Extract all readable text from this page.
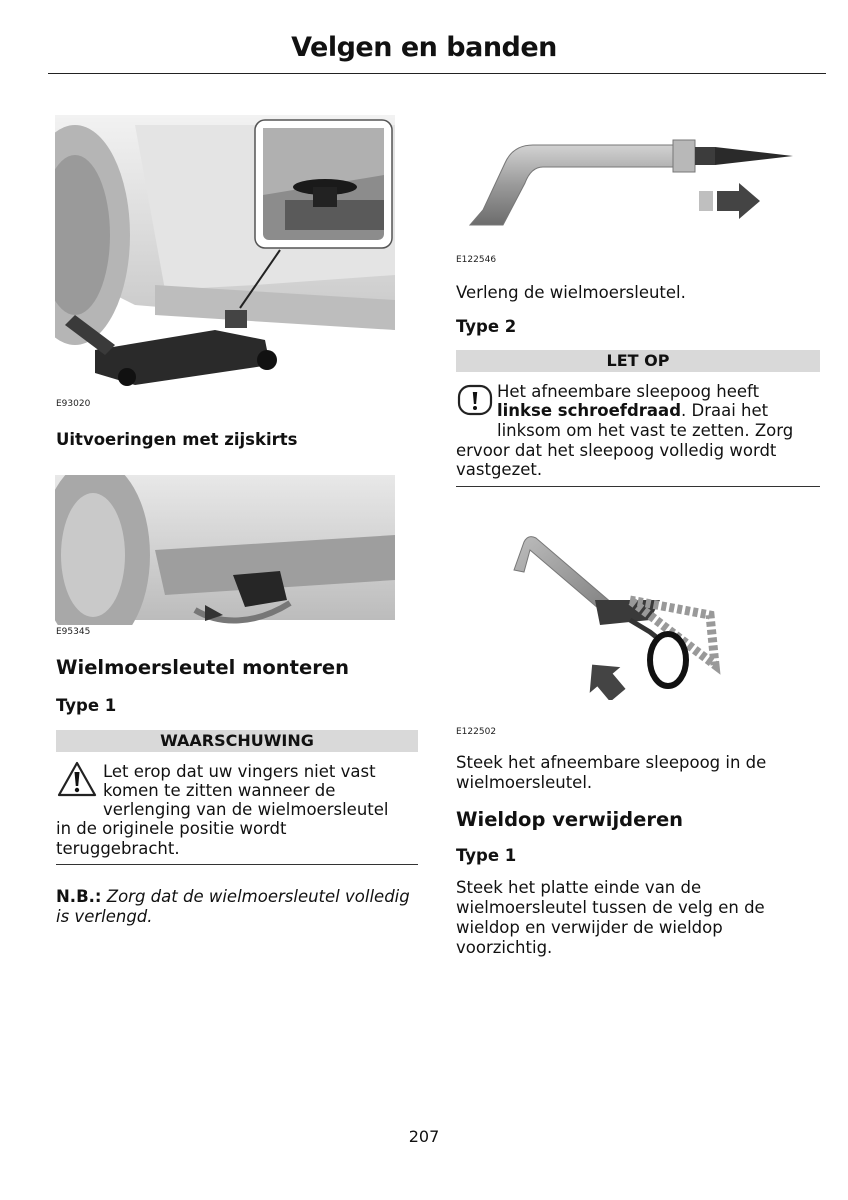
Velgen en banden
E93020
Uitvoeringen met zijskirts
E95345
Wielmoersleutel monteren
Type 1
WAARSCHUWING
Let erop dat uw vingers niet vast
komen te zitten wanneer de
verlenging van de wielmoersleutel
in de originele positie wordt
teruggebracht.
N.B.: Zorg dat de wielmoersleutel volledig
is verlengd.
E122546
Verleng de wielmoersleutel.
Type 2
LET OP
Het afneembare sleepoog heeft
linkse schroefdraad. Draai het
linksom om het vast te zetten. Zorg
ervoor dat het sleepoog volledig wordt
vastgezet.
E122502
Steek het afneembare sleepoog in de
wielmoersleutel.
Wieldop verwijderen
Type 1
Steek het platte einde van de
wielmoersleutel tussen de velg en de
wieldop en verwijder de wieldop
voorzichtig.
207
